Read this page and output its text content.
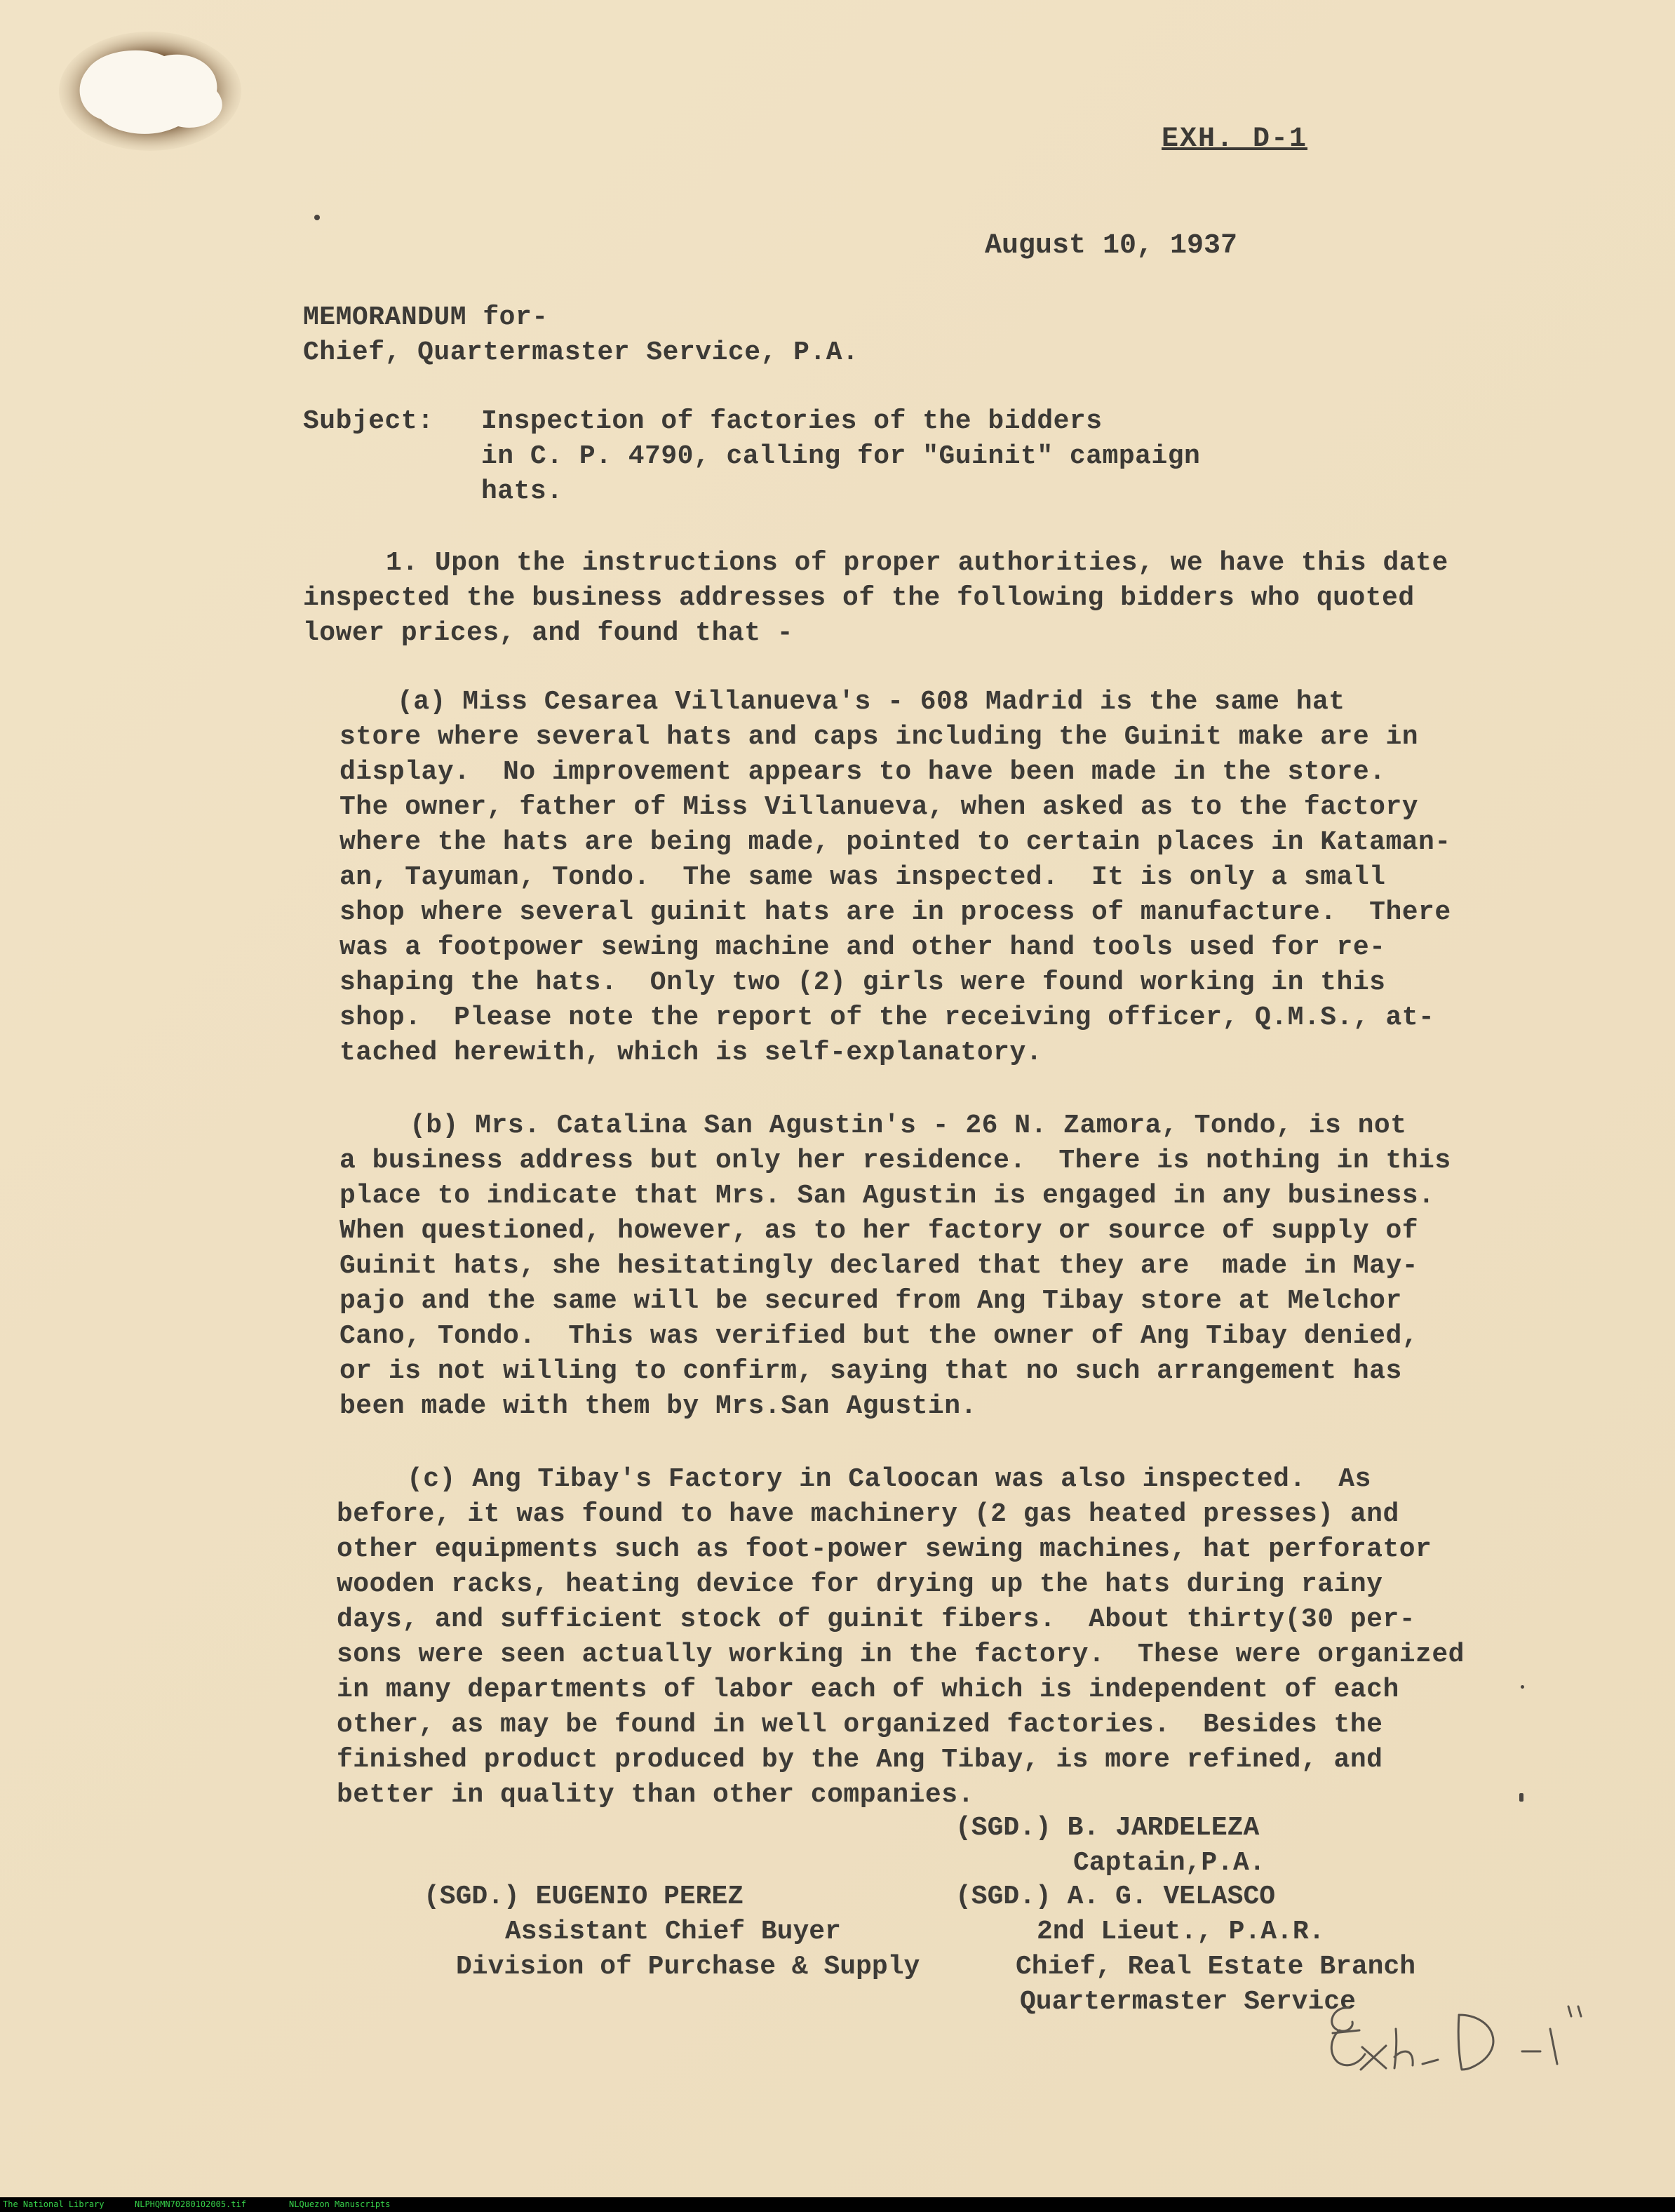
EXH. D-1
August 10, 1937
MEMORANDUM for-
Chief, Quartermaster Service, P.A.
Subject: Inspection of factories of the bidders
in C. P. 4790, calling for "Guinit" campaign
hats.
1. Upon the instructions of proper authorities, we have this date
inspected the business addresses of the following bidders who quoted
lower prices, and found that -
(a) Miss Cesarea Villanueva's - 608 Madrid is the same hat
store where several hats and caps including the Guinit make are in
display.  No improvement appears to have been made in the store.
The owner, father of Miss Villanueva, when asked as to the factory
where the hats are being made, pointed to certain places in Kataman-
an, Tayuman, Tondo.  The same was inspected.  It is only a small
shop where several guinit hats are in process of manufacture.  There
was a footpower sewing machine and other hand tools used for re-
shaping the hats.  Only two (2) girls were found working in this
shop.  Please note the report of the receiving officer, Q.M.S., at-
tached herewith, which is self-explanatory.
(b) Mrs. Catalina San Agustin's - 26 N. Zamora, Tondo, is not
a business address but only her residence.  There is nothing in this
place to indicate that Mrs. San Agustin is engaged in any business.
When questioned, however, as to her factory or source of supply of
Guinit hats, she hesitatingly declared that they are  made in May-
pajo and the same will be secured from Ang Tibay store at Melchor
Cano, Tondo.  This was verified but the owner of Ang Tibay denied,
or is not willing to confirm, saying that no such arrangement has
been made with them by Mrs.San Agustin.
(c) Ang Tibay's Factory in Caloocan was also inspected.  As
before, it was found to have machinery (2 gas heated presses) and
other equipments such as foot-power sewing machines, hat perforator
wooden racks, heating device for drying up the hats during rainy
days, and sufficient stock of guinit fibers.  About thirty(30 per-
sons were seen actually working in the factory.  These were organized
in many departments of labor each of which is independent of each
other, as may be found in well organized factories.  Besides the
finished product produced by the Ang Tibay, is more refined, and
better in quality than other companies.
(SGD.) B. JARDELEZA
Captain,P.A.
(SGD.) EUGENIO PEREZ	(SGD.) A. G. VELASCO
Assistant Chief Buyer	2nd Lieut., P.A.R.
Division of Purchase & Supply	Chief, Real Estate Branch
Quartermaster Service
The National Library	NLPHQMN70280102005.tif	NLQuezon Manuscripts
